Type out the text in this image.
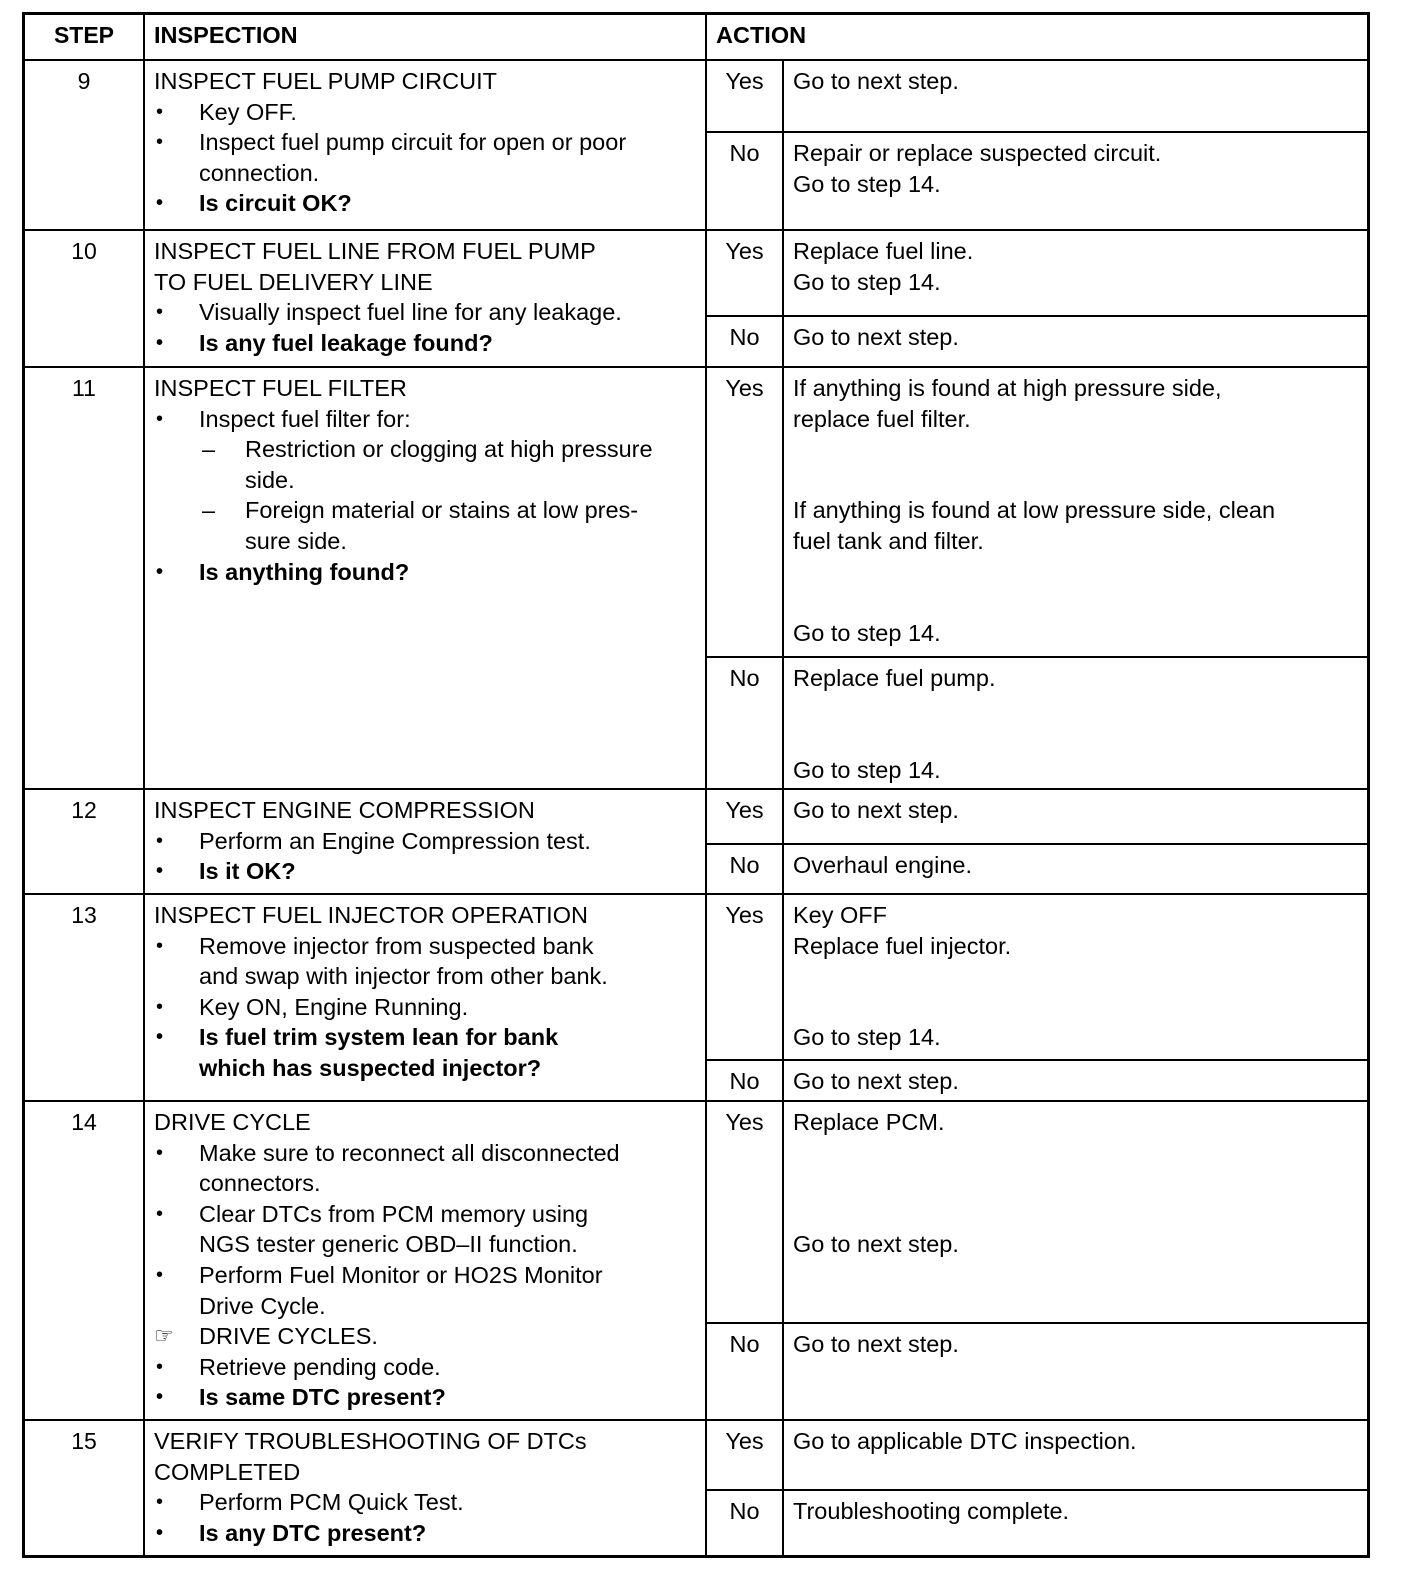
STEP	INSPECTION	ACTION
9	INSPECT FUEL PUMP CIRCUIT
• Key OFF.
• Inspect fuel pump circuit for open or poor
connection.
• Is circuit OK?
Yes	Go to next step.
No	Repair or replace suspected circuit.
Go to step 14.
10	INSPECT FUEL LINE FROM FUEL PUMP
TO FUEL DELIVERY LINE
• Visually inspect fuel line for any leakage.
• Is any fuel leakage found?
Yes	Replace fuel line.
Go to step 14.
No	Go to next step.
11	INSPECT FUEL FILTER
• Inspect fuel filter for:
– Restriction or clogging at high pressure
side.
– Foreign material or stains at low pres-
sure side.
• Is anything found?
Yes	If anything is found at high pressure side,
replace fuel filter.
If anything is found at low pressure side, clean
fuel tank and filter.
Go to step 14.
No	Replace fuel pump.
Go to step 14.
12	INSPECT ENGINE COMPRESSION
• Perform an Engine Compression test.
• Is it OK?
Yes	Go to next step.
No	Overhaul engine.
13	INSPECT FUEL INJECTOR OPERATION
• Remove injector from suspected bank
and swap with injector from other bank.
• Key ON, Engine Running.
• Is fuel trim system lean for bank
which has suspected injector?
Yes	Key OFF
Replace fuel injector.
Go to step 14.
No	Go to next step.
14	DRIVE CYCLE
• Make sure to reconnect all disconnected
connectors.
• Clear DTCs from PCM memory using
NGS tester generic OBD–II function.
• Perform Fuel Monitor or HO2S Monitor
Drive Cycle.
☞ DRIVE CYCLES.
• Retrieve pending code.
• Is same DTC present?
Yes	Replace PCM.
Go to next step.
No	Go to next step.
15	VERIFY TROUBLESHOOTING OF DTCs
COMPLETED
• Perform PCM Quick Test.
• Is any DTC present?
Yes	Go to applicable DTC inspection.
No	Troubleshooting complete.
